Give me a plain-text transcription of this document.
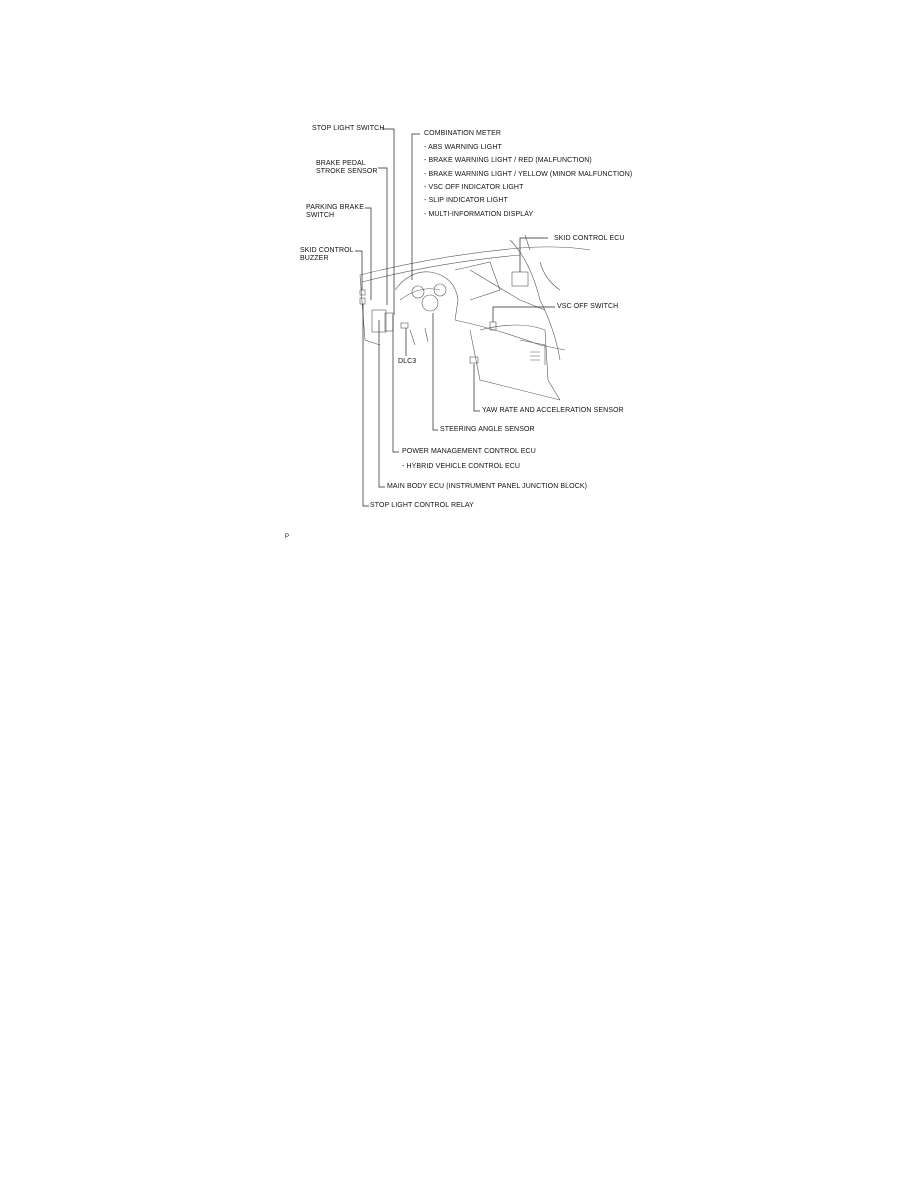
STOP LIGHT SWITCH
BRAKE PEDAL
STROKE SENSOR
PARKING BRAKE
SWITCH
SKID CONTROL
BUZZER
COMBINATION METER
- ABS WARNING LIGHT
- BRAKE WARNING LIGHT / RED (MALFUNCTION)
- BRAKE WARNING LIGHT / YELLOW (MINOR MALFUNCTION)
- VSC OFF INDICATOR LIGHT
- SLIP INDICATOR LIGHT
- MULTI-INFORMATION DISPLAY
SKID CONTROL ECU
VSC OFF SWITCH
DLC3
YAW RATE AND ACCELERATION SENSOR
STEERING ANGLE SENSOR
POWER MANAGEMENT CONTROL ECU
- HYBRID VEHICLE CONTROL ECU
MAIN BODY ECU (INSTRUMENT PANEL JUNCTION BLOCK)
STOP LIGHT CONTROL RELAY
P
